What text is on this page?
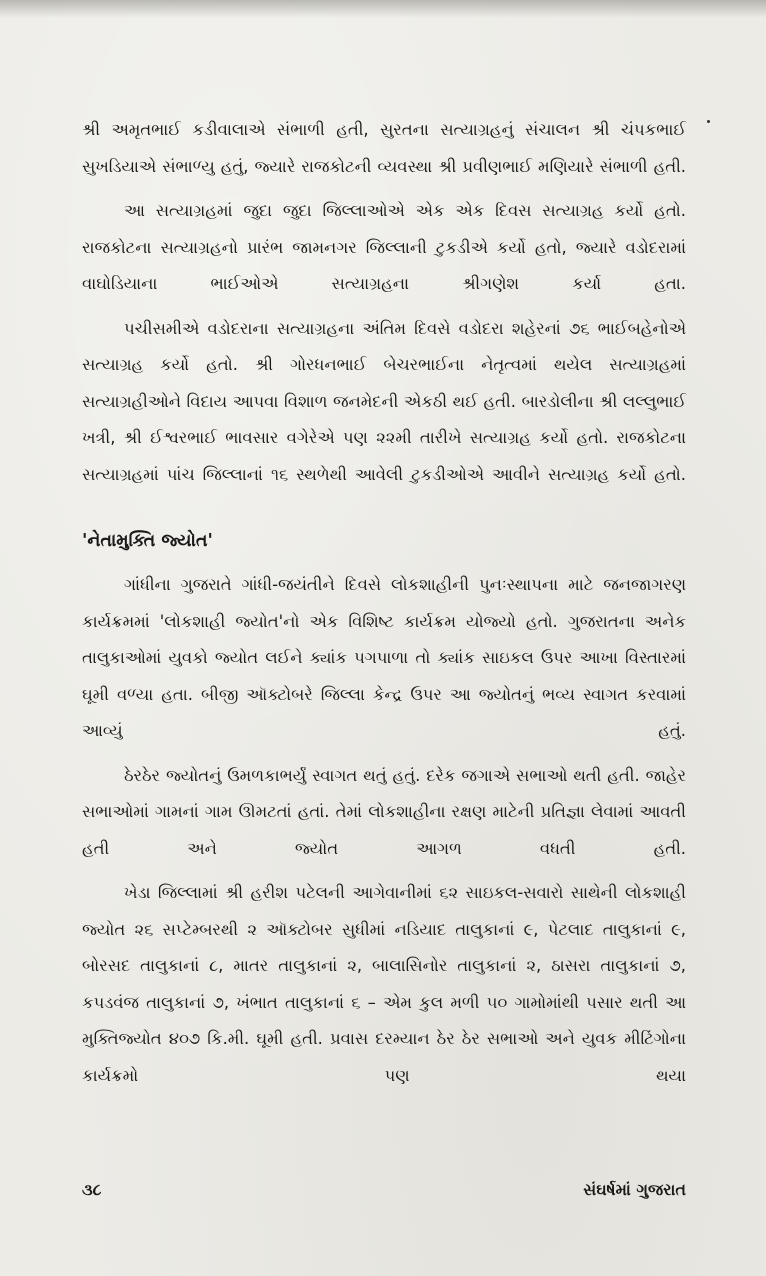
શ્રી અમૃતભાઈ કડીવાલાએ સંભાળી હતી, સુરતના સત્યાગ્રહનું સંચાલન શ્રી ચંપકભાઈ સુખડિયાએ સંભાળ્યુ હતું, જ્યારે રાજકોટની વ્યવસ્થા શ્રી પ્રવીણભાઈ મણિયારે સંભાળી હતી.

આ સત્યાગ્રહમાં જુદા જુદા જિલ્લાઓએ એક એક દિવસ સત્યાગ્રહ કર્યો હતો. રાજકોટના સત્યાગ્રહનો પ્રારંભ જામનગર જિલ્લાની ટુકડીએ કર્યો હતો, જ્યારે વડોદરામાં વાઘોડિયાના ભાઈઓએ સત્યાગ્રહના શ્રીગણેશ કર્યા હતા.

પચીસમીએ વડોદરાના સત્યાગ્રહના અંતિમ દિવસે વડોદરા શહેરનાં ૭૬ ભાઈબહેનોએ સત્યાગ્રહ કર્યો હતો. શ્રી ગોરધનભાઈ બેચરભાઈના નેતૃત્વમાં થયેલ સત્યાગ્રહમાં સત્યાગ્રહીઓને વિદાય આપવા વિશાળ જનમેદની એકઠી થઈ હતી. બારડોલીના શ્રી લલ્લુભાઈ ખત્રી, શ્રી ઈશ્વરભાઈ ભાવસાર વગેરેએ પણ ૨૨મી તારીખે સત્યાગ્રહ કર્યો હતો. રાજકોટના સત્યાગ્રહમાં પાંચ જિલ્લાનાં ૧૬ સ્થળેથી આવેલી ટુકડીઓએ આવીને સત્યાગ્રહ કર્યો હતો.

'નેતામુક્તિ જ્યોત'

ગાંધીના ગુજરાતે ગાંધી-જયંતીને દિવસે લોકશાહીની પુનઃસ્થાપના માટે જનજાગરણ કાર્યક્રમમાં 'લોકશાહી જ્યોત'નો એક વિશિષ્ટ કાર્યક્રમ યોજ્યો હતો. ગુજરાતના અનેક તાલુકાઓમાં યુવકો જ્યોત લઈને ક્યાંક પગપાળા તો ક્યાંક સાઇકલ ઉપર આખા વિસ્તારમાં ઘૂમી વળ્યા હતા. બીજી ઑક્ટોબરે જિલ્લા કેન્દ્ર ઉપર આ જ્યોતનું ભવ્ય સ્વાગત કરવામાં આવ્યું હતું.

ઠેરઠેર જ્યોતનું ઉમળકાભર્યું સ્વાગત થતું હતું. દરેક જગાએ સભાઓ થતી હતી. જાહેર સભાઓમાં ગામનાં ગામ ઊમટતાં હતાં. તેમાં લોકશાહીના રક્ષણ માટેની પ્રતિજ્ઞા લેવામાં આવતી હતી અને જ્યોત આગળ વધતી હતી.

ખેડા જિલ્લામાં શ્રી હરીશ પટેલની આગેવાનીમાં ૬૨ સાઇકલ-સવારો સાથેની લોકશાહી જ્યોત ૨૬ સપ્ટેમ્બરથી ૨ ઑક્ટોબર સુધીમાં નડિયાદ તાલુકાનાં ૯, પેટલાદ તાલુકાનાં ૯, બોરસદ તાલુકાનાં ૮, માતર તાલુકાનાં ૨, બાલાસિનોર તાલુકાનાં ૨, ઠાસરા તાલુકાનાં ૭, કપડવંજ તાલુકાનાં ૭, ખંભાત તાલુકાનાં ૬ – એમ કુલ મળી ૫૦ ગામોમાંથી પસાર થતી આ મુક્તિજ્યોત ૪૦૭ કિ.મી. ઘૂમી હતી. પ્રવાસ દરમ્યાન ઠેર ઠેર સભાઓ અને યુવક મીટિંગોના કાર્યક્રમો પણ થયા

૩૮	સંઘર્ષમાં ગુજરાત
